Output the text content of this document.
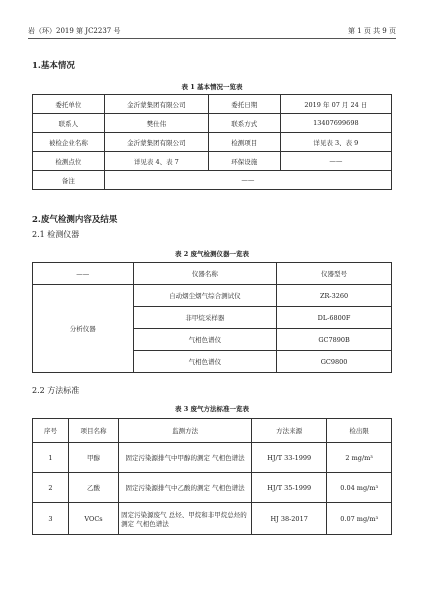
岩（环）2019 第 JC2237 号	第 1 页 共 9 页
1.基本情况
表 1 基本情况一览表
委托单位	金沂蒙集团有限公司	委托日期	2019 年 07 月 24 日
联系人	樊仕伟	联系方式	13407699698
被检企业名称	金沂蒙集团有限公司	检测项目	详见表 3、表 9
检测点位	详见表 4、表 7	环保设施	——
备注	——		
2.废气检测内容及结果
2.1 检测仪器
表 2 废气检测仪器一览表
——	仪器名称	仪器型号
分析仪器	自动烟尘烟气综合测试仪	ZR-3260
	非甲烷采样器	DL-6800F
	气相色谱仪	GC7890B
	气相色谱仪	GC9800
2.2 方法标准
表 3 废气方法标准一览表
序号	项目名称	监测方法	方法来源	检出限
1	甲醇	固定污染源排气中甲醇的测定 气相色谱法	HJ/T 33-1999	2 mg/m³
2	乙酸	固定污染源排气中乙酸的测定 气相色谱法	HJ/T 35-1999	0.04 mg/m³
3	VOCs	固定污染源废气 总烃、甲烷和非甲烷总烃的测定 气相色谱法	HJ 38-2017	0.07 mg/m³
